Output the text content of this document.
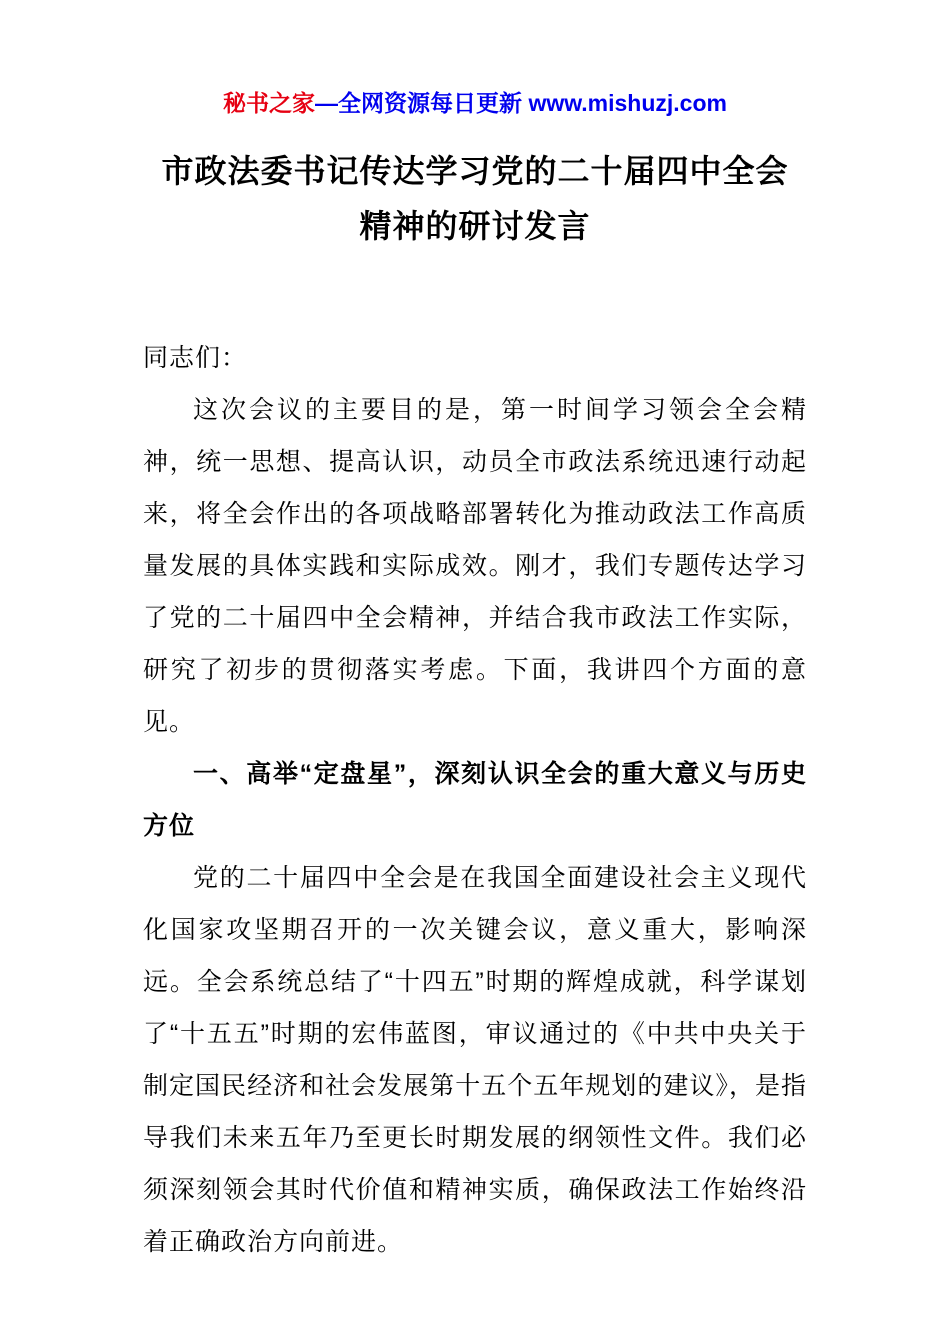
秘书之家—全网资源每日更新 www.mishuzj.com
市政法委书记传达学习党的二十届四中全会
精神的研讨发言

同志们：

这次会议的主要目的是，第一时间学习领会全会精神，统一思想、提高认识，动员全市政法系统迅速行动起来，将全会作出的各项战略部署转化为推动政法工作高质量发展的具体实践和实际成效。刚才，我们专题传达学习了党的二十届四中全会精神，并结合我市政法工作实际，研究了初步的贯彻落实考虑。下面，我讲四个方面的意见。

一、高举“定盘星”，深刻认识全会的重大意义与历史方位

党的二十届四中全会是在我国全面建设社会主义现代化国家攻坚期召开的一次关键会议，意义重大，影响深远。全会系统总结了“十四五”时期的辉煌成就，科学谋划了“十五五”时期的宏伟蓝图，审议通过的《中共中央关于制定国民经济和社会发展第十五个五年规划的建议》，是指导我们未来五年乃至更长时期发展的纲领性文件。我们必须深刻领会其时代价值和精神实质，确保政法工作始终沿着正确政治方向前进。
